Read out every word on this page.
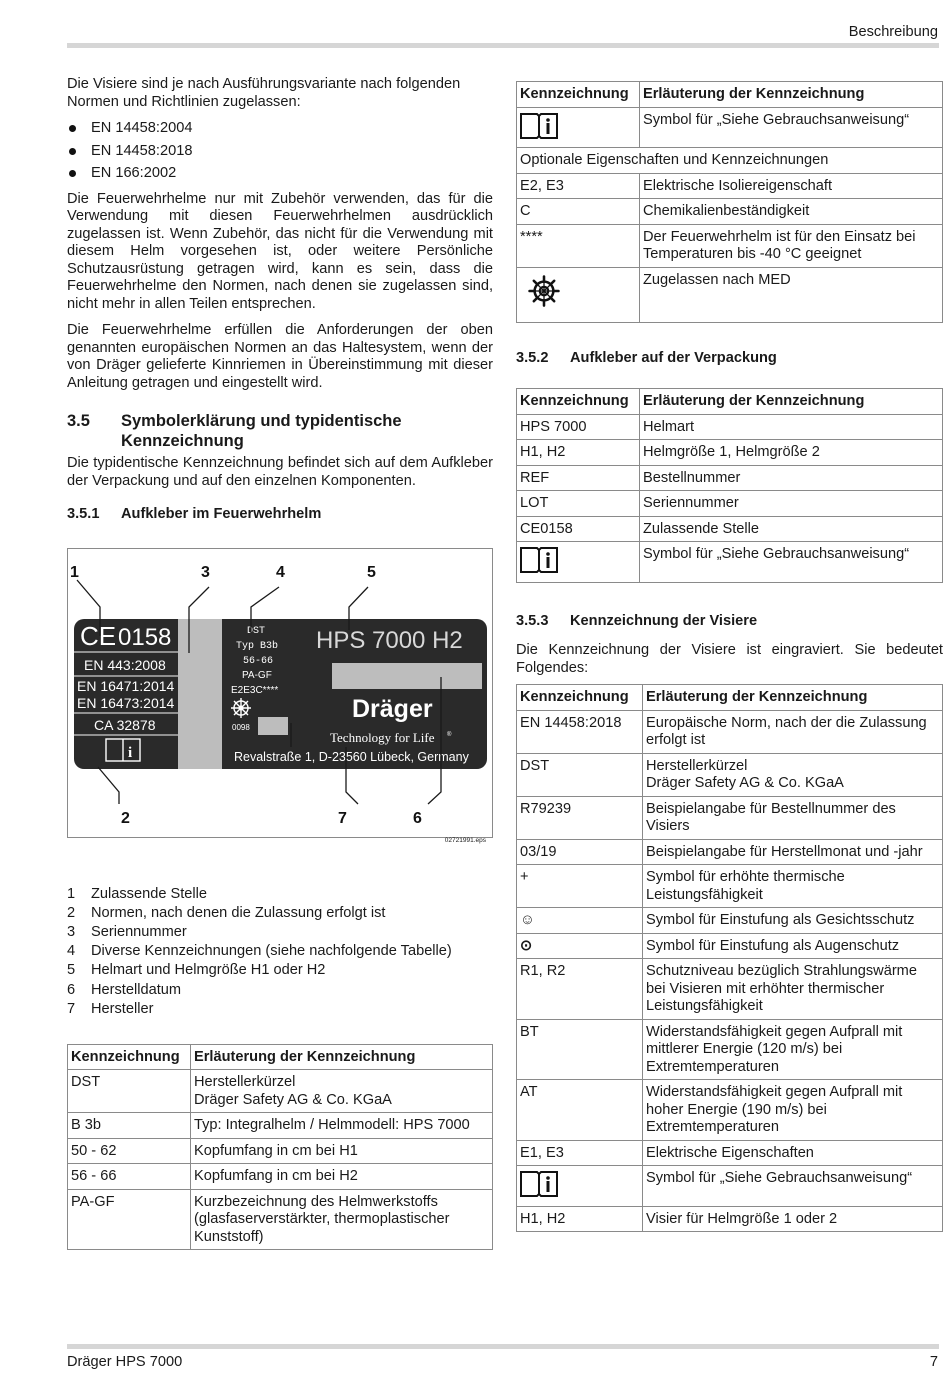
Beschreibung

Die Visiere sind je nach Ausführungsvariante nach folgenden Normen und Richtlinien zugelassen:

EN 14458:2004
EN 14458:2018
EN 166:2002

Die Feuerwehrhelme nur mit Zubehör verwenden, das für die Verwendung mit diesen Feuerwehrhelmen ausdrücklich zugelassen ist. Wenn Zubehör, das nicht für die Verwendung mit diesem Helm vorgesehen ist, oder weitere Persönliche Schutzausrüstung getragen wird, kann es sein, dass die Feuerwehrhelme den Normen, nach denen sie zugelassen sind, nicht mehr in allen Teilen entsprechen.

Die Feuerwehrhelme erfüllen die Anforderungen der oben genannten europäischen Normen an das Haltesystem, wenn der von Dräger gelieferte Kinnriemen in Übereinstimmung mit dieser Anleitung getragen und eingestellt wird.

3.5	Symbolerklärung und typidentische Kennzeichnung

Die typidentische Kennzeichnung befindet sich auf dem Aufkleber der Verpackung und auf den einzelnen Komponenten.

3.5.1	Aufkleber im Feuerwehrhelm
CE 0158
EN 443:2008
EN 16471:2014
EN 16473:2014
CA 32878
i
DST
Typ B3b
56-66
PA-GF
E2E3C****
0098
HPS 7000 H2
Dräger
Technology for Life ®
Revalstraße 1, D-23560 Lübeck, Germany
1	3	4	5
2	7	6
02721991.eps
1	Zulassende Stelle
2	Normen, nach denen die Zulassung erfolgt ist
3	Seriennummer
4	Diverse Kennzeichnungen (siehe nachfolgende Tabelle)
5	Helmart und Helmgröße H1 oder H2
6	Herstelldatum
7	Hersteller
Kennzeichnung	Erläuterung der Kennzeichnung
DST	Herstellerkürzel
Dräger Safety AG & Co. KGaA
B 3b	Typ: Integralhelm / Helmmodell: HPS 7000
50 - 62	Kopfumfang in cm bei H1
56 - 66	Kopfumfang in cm bei H2
PA-GF	Kurzbezeichnung des Helmwerkstoffs (glasfaserverstärkter, thermoplastischer Kunststoff)
Kennzeichnung	Erläuterung der Kennzeichnung
	Symbol für „Siehe Gebrauchsanweisung“
Optionale Eigenschaften und Kennzeichnungen	
E2, E3	Elektrische Isoliereigenschaft
C	Chemikalienbeständigkeit
****	Der Feuerwehrhelm ist für den Einsatz bei Temperaturen bis -40 °C geeignet
	Zugelassen nach MED
3.5.2	Aufkleber auf der Verpackung
Kennzeichnung	Erläuterung der Kennzeichnung
HPS 7000	Helmart
H1, H2	Helmgröße 1, Helmgröße 2
REF	Bestellnummer
LOT	Seriennummer
CE0158	Zulassende Stelle
	Symbol für „Siehe Gebrauchsanweisung“
3.5.3	Kennzeichnung der Visiere

Die Kennzeichnung der Visiere ist eingraviert. Sie bedeutet Folgendes:

Kennzeichnung	Erläuterung der Kennzeichnung
EN 14458:2018	Europäische Norm, nach der die Zulassung erfolgt ist
DST	Herstellerkürzel
Dräger Safety AG & Co. KGaA
R79239	Beispielangabe für Bestellnummer des Visiers
03/19	Beispielangabe für Herstellmonat und -jahr
+	Symbol für erhöhte thermische Leistungsfähigkeit
☺	Symbol für Einstufung als Gesichtsschutz
⊙	Symbol für Einstufung als Augenschutz
R1, R2	Schutzniveau bezüglich Strahlungswärme bei Visieren mit erhöhter thermischer Leistungsfähigkeit
BT	Widerstandsfähigkeit gegen Aufprall mit mittlerer Energie (120 m/s) bei Extremtemperaturen
AT	Widerstandsfähigkeit gegen Aufprall mit hoher Energie (190 m/s) bei Extremtemperaturen
E1, E3	Elektrische Eigenschaften
	Symbol für „Siehe Gebrauchsanweisung“
H1, H2	Visier für Helmgröße 1 oder 2
Dräger HPS 7000	7
